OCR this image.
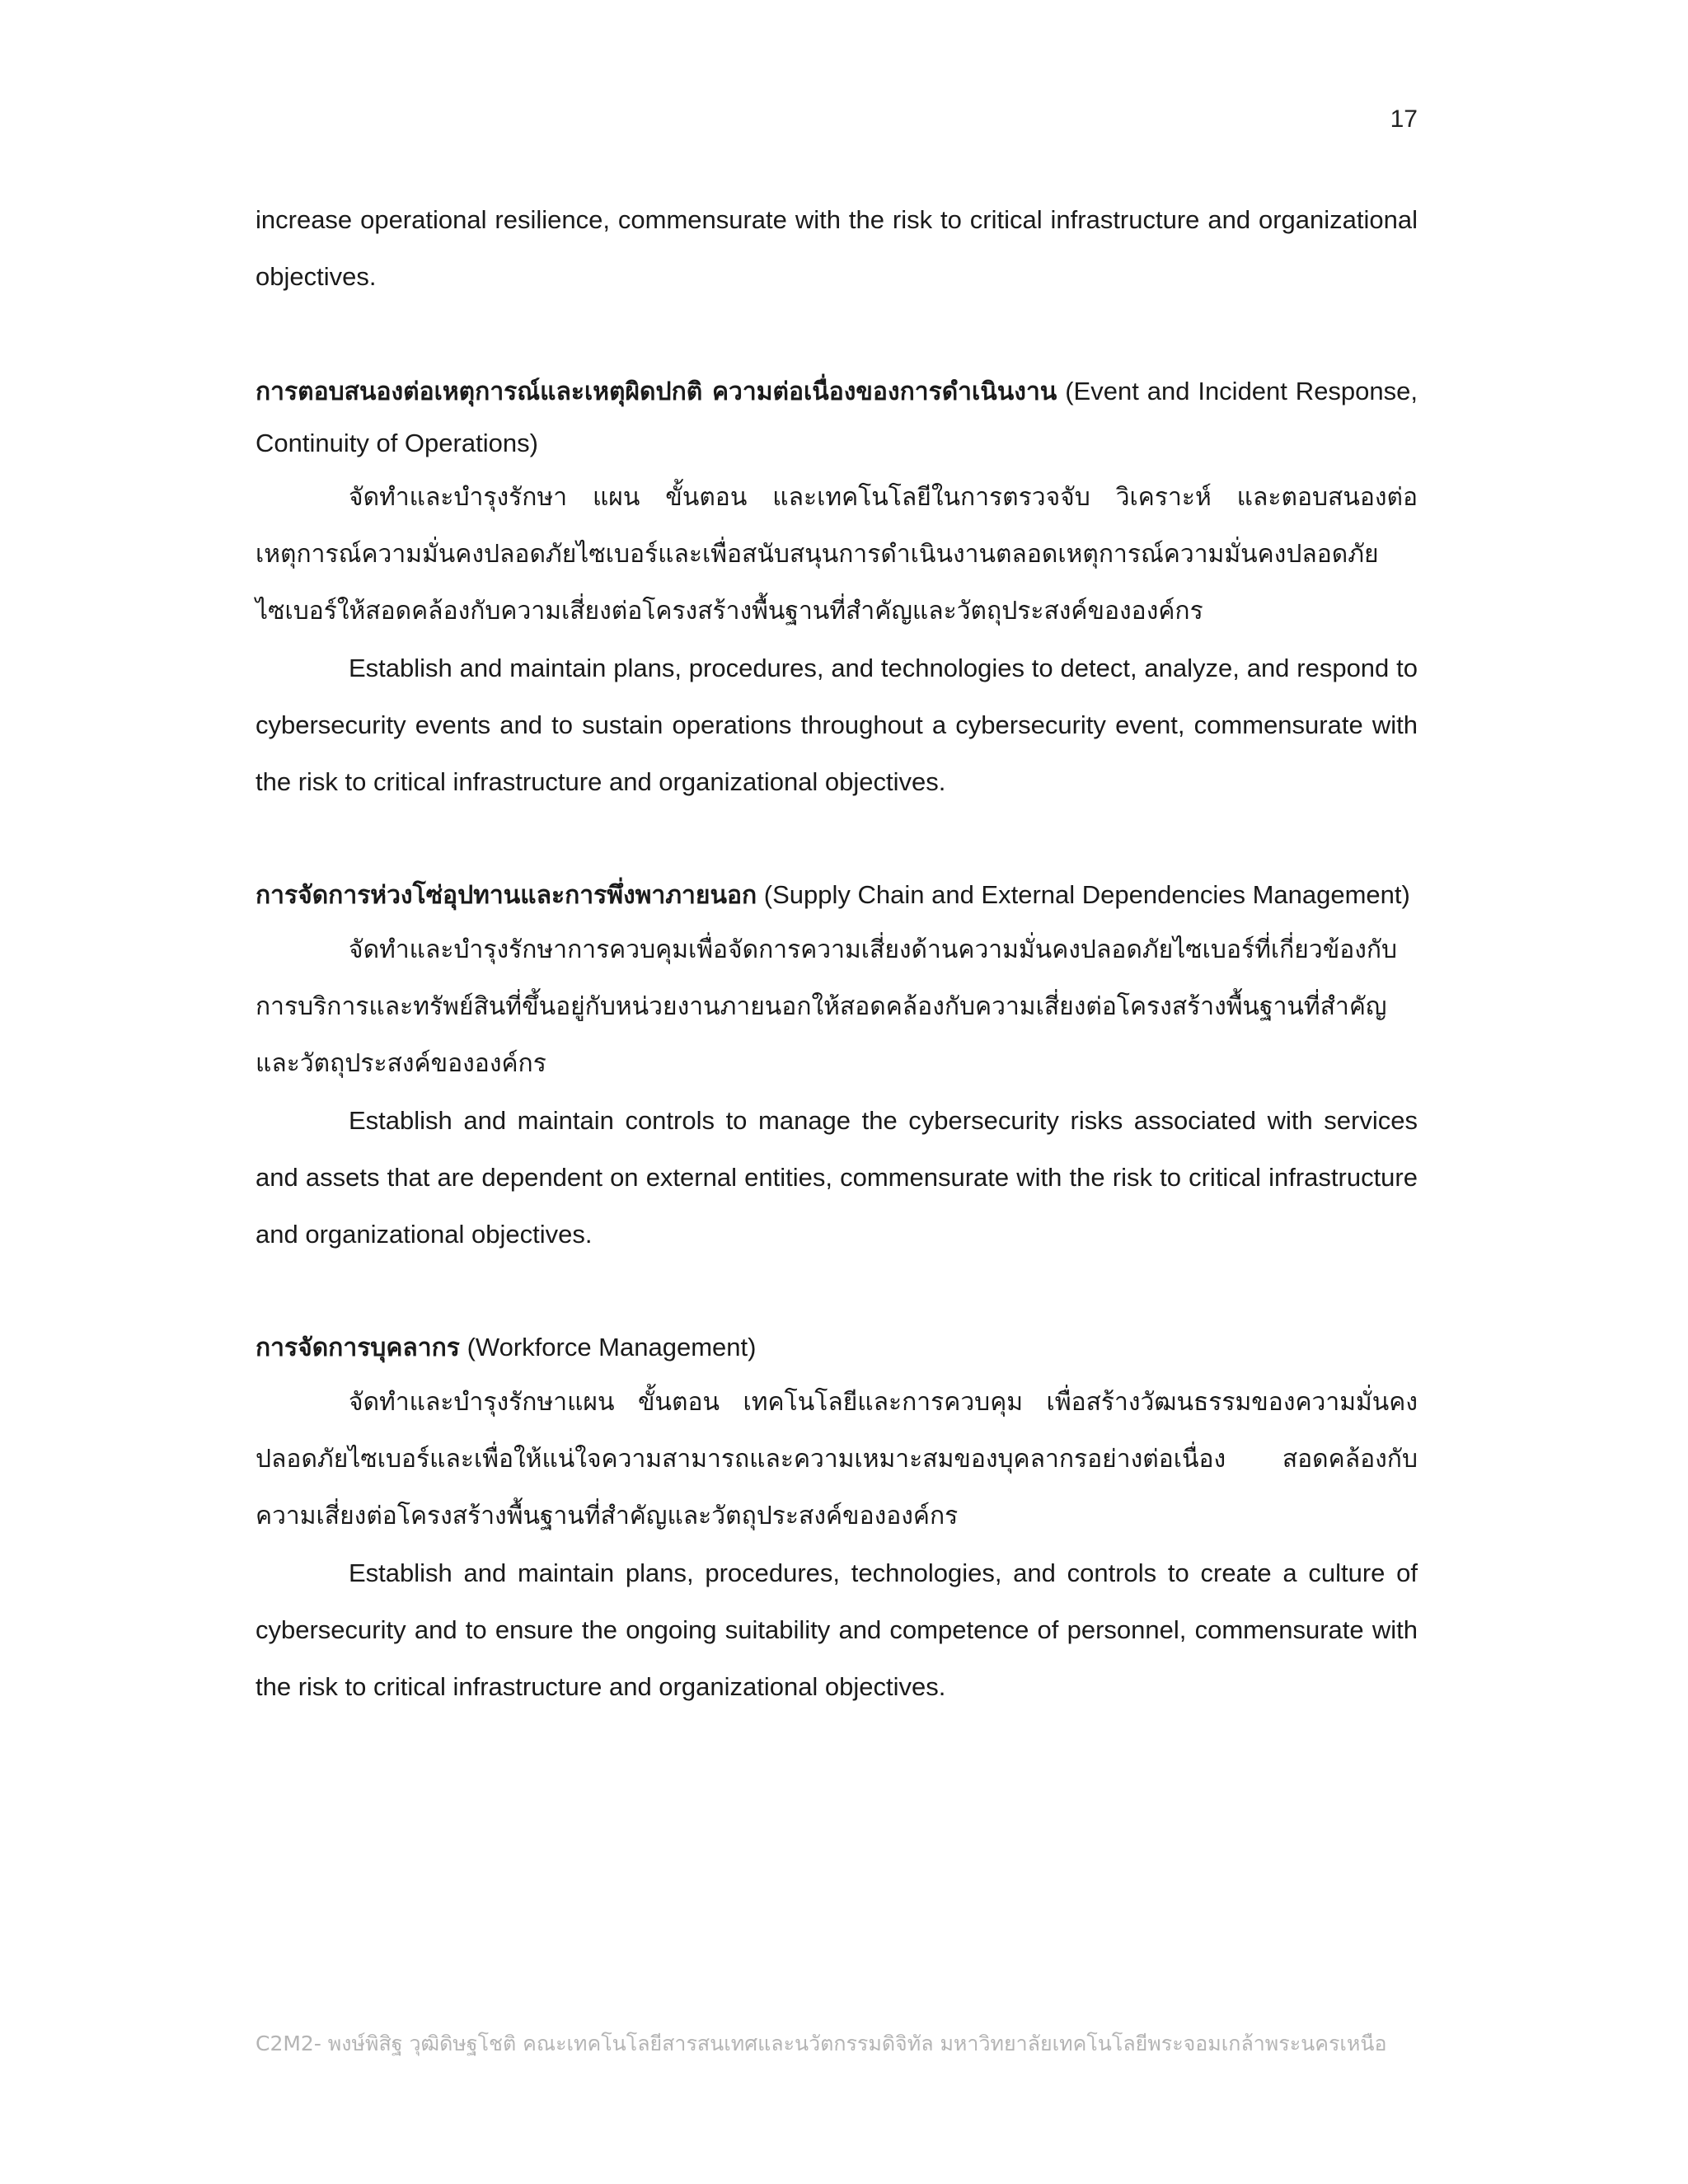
17

increase operational resilience, commensurate with the risk to critical infrastructure and organizational objectives.

การตอบสนองต่อเหตุการณ์และเหตุผิดปกติ ความต่อเนื่องของการดำเนินงาน (Event and Incident Response, Continuity of Operations)

จัดทำและบำรุงรักษา แผน ขั้นตอน และเทคโนโลยีในการตรวจจับ วิเคราะห์ และตอบสนองต่อเหตุการณ์ความมั่นคงปลอดภัยไซเบอร์และเพื่อสนับสนุนการดำเนินงานตลอดเหตุการณ์ความมั่นคงปลอดภัยไซเบอร์ให้สอดคล้องกับความเสี่ยงต่อโครงสร้างพื้นฐานที่สำคัญและวัตถุประสงค์ขององค์กร

Establish and maintain plans, procedures, and technologies to detect, analyze, and respond to cybersecurity events and to sustain operations throughout a cybersecurity event, commensurate with the risk to critical infrastructure and organizational objectives.

การจัดการห่วงโซ่อุปทานและการพึ่งพาภายนอก (Supply Chain and External Dependencies Management)

จัดทำและบำรุงรักษาการควบคุมเพื่อจัดการความเสี่ยงด้านความมั่นคงปลอดภัยไซเบอร์ที่เกี่ยวข้องกับการบริการและทรัพย์สินที่ขึ้นอยู่กับหน่วยงานภายนอกให้สอดคล้องกับความเสี่ยงต่อโครงสร้างพื้นฐานที่สำคัญและวัตถุประสงค์ขององค์กร

Establish and maintain controls to manage the cybersecurity risks associated with services and assets that are dependent on external entities, commensurate with the risk to critical infrastructure and organizational objectives.

การจัดการบุคลากร (Workforce Management)

จัดทำและบำรุงรักษาแผน ขั้นตอน เทคโนโลยีและการควบคุม เพื่อสร้างวัฒนธรรมของความมั่นคงปลอดภัยไซเบอร์และเพื่อให้แน่ใจความสามารถและความเหมาะสมของบุคลากรอย่างต่อเนื่อง สอดคล้องกับความเสี่ยงต่อโครงสร้างพื้นฐานที่สำคัญและวัตถุประสงค์ขององค์กร

Establish and maintain plans, procedures, technologies, and controls to create a culture of cybersecurity and to ensure the ongoing suitability and competence of personnel, commensurate with the risk to critical infrastructure and organizational objectives.

C2M2- พงษ์พิสิฐ วุฒิดิษฐโชติ คณะเทคโนโลยีสารสนเทศและนวัตกรรมดิจิทัล มหาวิทยาลัยเทคโนโลยีพระจอมเกล้าพระนครเหนือ
